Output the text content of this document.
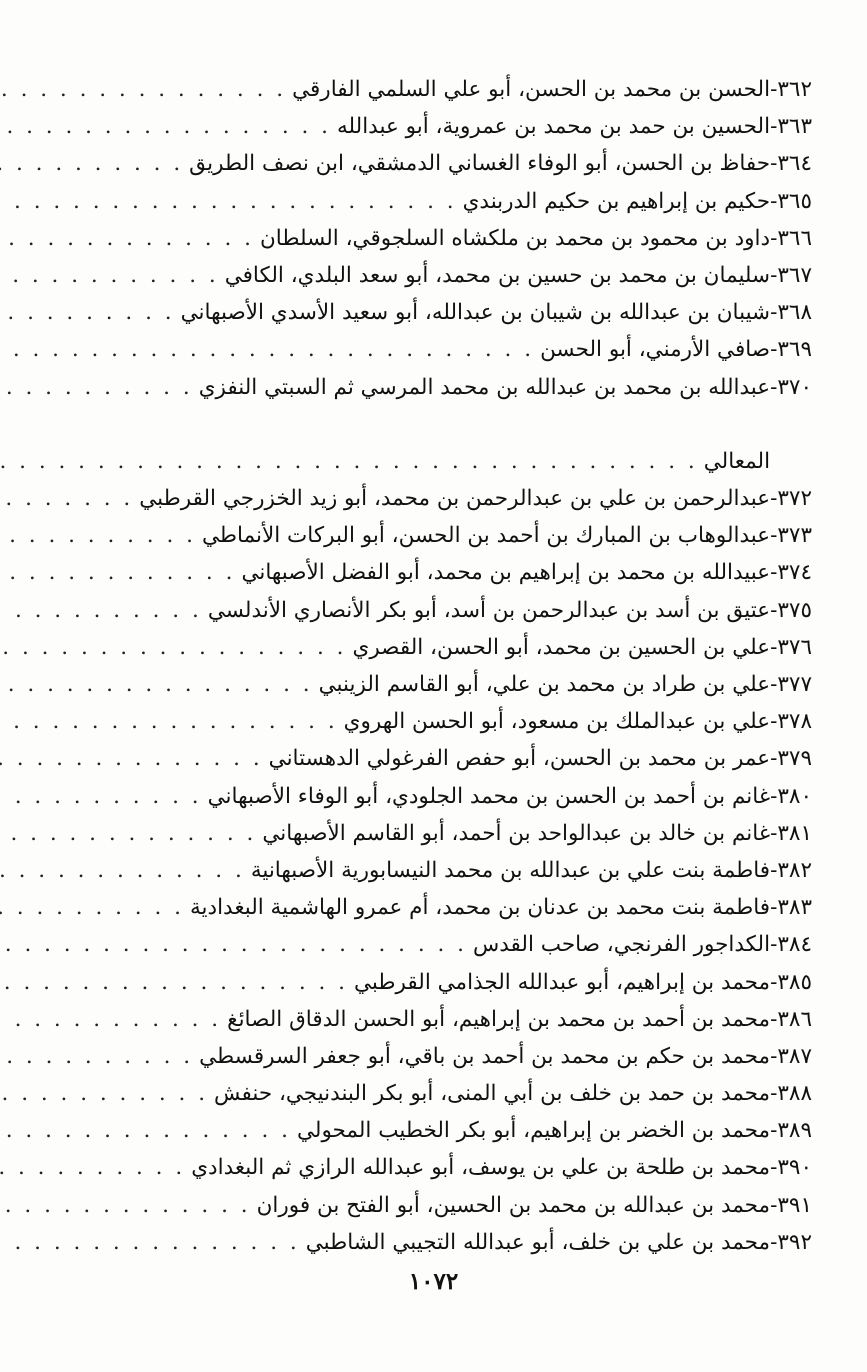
٣٦٢-
الحسن بن محمد بن الحسن، أبو علي السلمي الفارقي
. . .
٣٦٣-
الحسين بن حمد بن محمد بن عمروية، أبو عبدالله
. . .
٣٦٤-
حفاظ بن الحسن، أبو الوفاء الغساني الدمشقي، ابن نصف الطريق
. . .
٣٦٥-
حكيم بن إبراهيم بن حكيم الدربندي
. . .
٣٦٦-
داود بن محمود بن محمد بن ملكشاه السلجوقي، السلطان
. . .
٣٦٧-
سليمان بن محمد بن حسين بن محمد، أبو سعد البلدي، الكافي
. . .
٣٦٨-
شيبان بن عبدالله بن شيبان بن عبدالله، أبو سعيد الأسدي الأصبهاني
. . .
٣٦٩-
صافي الأرمني، أبو الحسن
. . .
٣٧٠-
عبدالله بن محمد بن عبدالله بن محمد المرسي ثم السبتي النفزي
. . .
المعالي
. . .
٣٧٢-
عبدالرحمن بن علي بن عبدالرحمن بن محمد، أبو زيد الخزرجي القرطبي
. . .
٣٧٣-
عبدالوهاب بن المبارك بن أحمد بن الحسن، أبو البركات الأنماطي
. . .
٣٧٤-
عبيدالله بن محمد بن إبراهيم بن محمد، أبو الفضل الأصبهاني
. . .
٣٧٥-
عتيق بن أسد بن عبدالرحمن بن أسد، أبو بكر الأنصاري الأندلسي
. . .
٣٧٦-
علي بن الحسين بن محمد، أبو الحسن، القصري
. . .
٣٧٧-
علي بن طراد بن محمد بن علي، أبو القاسم الزينبي
. . .
٣٧٨-
علي بن عبدالملك بن مسعود، أبو الحسن الهروي
. . .
٣٧٩-
عمر بن محمد بن الحسن، أبو حفص الفرغولي الدهستاني
. . .
٣٨٠-
غانم بن أحمد بن الحسن بن محمد الجلودي، أبو الوفاء الأصبهاني
. . .
٣٨١-
غانم بن خالد بن عبدالواحد بن أحمد، أبو القاسم الأصبهاني
. . .
٣٨٢-
فاطمة بنت علي بن عبدالله بن محمد النيسابورية الأصبهانية
. . .
٣٨٣-
فاطمة بنت محمد بن عدنان بن محمد، أم عمرو الهاشمية البغدادية
. . .
٣٨٤-
الكداجور الفرنجي، صاحب القدس
. . .
٣٨٥-
محمد بن إبراهيم، أبو عبدالله الجذامي القرطبي
. . .
٣٨٦-
محمد بن أحمد بن محمد بن إبراهيم، أبو الحسن الدقاق الصائغ
. . .
٣٨٧-
محمد بن حكم بن محمد بن أحمد بن باقي، أبو جعفر السرقسطي
. . .
٣٨٨-
محمد بن حمد بن خلف بن أبي المنى، أبو بكر البندنيجي، حنفش
. . .
٣٨٩-
محمد بن الخضر بن إبراهيم، أبو بكر الخطيب المحولي
. . .
٣٩٠-
محمد بن طلحة بن علي بن يوسف، أبو عبدالله الرازي ثم البغدادي
. . .
٣٩١-
محمد بن عبدالله بن محمد بن الحسين، أبو الفتح بن فوران
. . .
٣٩٢-
محمد بن علي بن خلف، أبو عبدالله التجيبي الشاطبي
. . .
١٠٧٢
